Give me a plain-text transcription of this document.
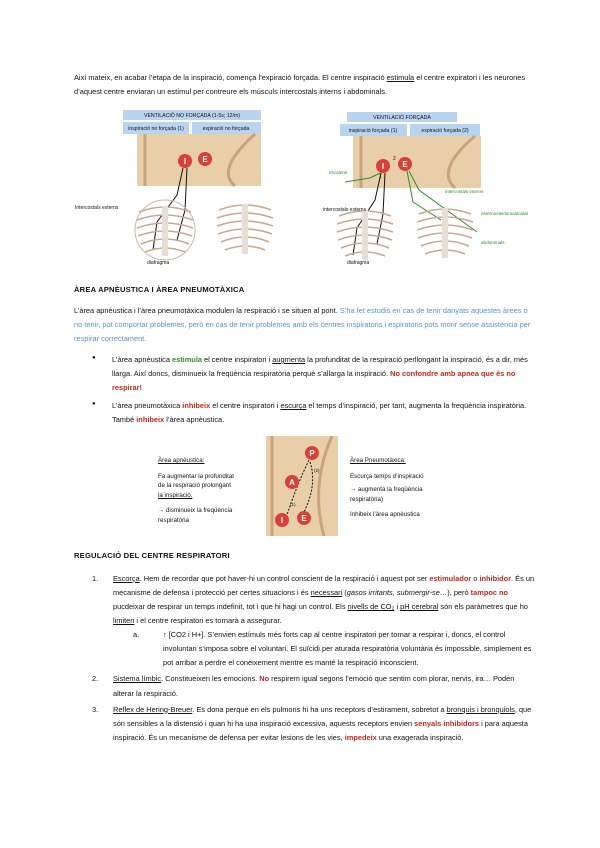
Així mateix, en acabar l’etapa de la inspiració, comença l’expiració forçada. El centre inspiració estimula el centre expiratori i les neurones d’aquest centre enviaran un estímul per contreure els músculs intercostals interns i abdominals.

VENTILACIÓ NO FORÇADA (1-5s; 12/m)
inspiració no forçada (1)	expiració no forçada
I E
Intercostals externs
diafragma
VENTILACIÓ FORÇADA
inspiració forçada (1)	expiració forçada (2)
I E
2
1
intercostals externs
diafragma
escalens
esternocleidomastoidal
intercostals interns
abdominals
ÀREA APNÈUSTICA I ÀREA PNEUMOTÀXICA

L’àrea apnèustica i l’àrea pneumotàxica modulen la respiració i se situen al pont. S’ha fet estudis en cas de tenir danyats aquestes àrees o no tenir, pot comportar problemes, però en cas de tenir problemes amb els centres inspiratoris i espiratoris pots morir sense assistència per respirar correctament.

● L’àrea apnèustica estimula el centre inspiratori i augmenta la profunditat de la respiració perllongant la inspiració, és a dir, més llarga. Així doncs, disminueix la freqüència respiratòria perquè s’allarga la inspiració. No confondre amb apnea que és no respirar!
● L’àrea pneumotàxica inhibeix el centre inspiratori i escurça el temps d’inspiració, per tant, augmenta la freqüència inspiratòria. També inhibeix l’àrea apnèustica.
Àrea apnèustica:
Fa augmentar la profunditat
de la respiració prolongant
la inspiració.
→ disminueix la freqüència
respiratòria
P
A
I E
(2)
(1)
Àrea Pneumotàxica:
Escurça temps d’inspiració
→ augmenta la freqüència
respiratòria)
Inhibeix l’àrea apnèustica
REGULACIÓ DEL CENTRE RESPIRATORI
1. Escorça. Hem de recordar que pot haver-hi un control conscient de la respiració i aquest pot ser estimulador o inhibidor. És un mecanisme de defensa i protecció per certes situacions i és necessari (gasos irritants, submergir-se…), però tampoc no pucdeixar de respirar un temps indefinit, tot i que hi hagi un control. Els nivells de CO₂ i pH cerebral són els paràmetres que ho limiten i el centre respiratori es tornarà a assegurar.
a.	↑ [CO2 i H+]. S’envien estímuls més forts cap al centre inspiratori per tornar a respirar i, doncs, el control involuntari s’imposa sobre el voluntari. El suïcidi per aturada respiratòria voluntària és impossible, simplement es pot arribar a perdre el coneixement mentre es manté la respiració inconscient.
2. Sistema límbic. Constitueixen les emocions. No respirem igual segons l’emoció que sentim com plorar, nervis, ira… Poden alterar la respiració.
3. Reflex de Hering-Breuer. Es dona perquè en els pulmons hi ha uns receptors d’estirament, sobretot a bronquis i bronquiols, que són sensibles a la distensió i quan hi ha una inspiració excessiva, aquests receptors envien senyals inhibidors i para aquesta inspiració. És un mecanisme de defensa per evitar lesions de les vies, impedeix una exagerada inspiració.
